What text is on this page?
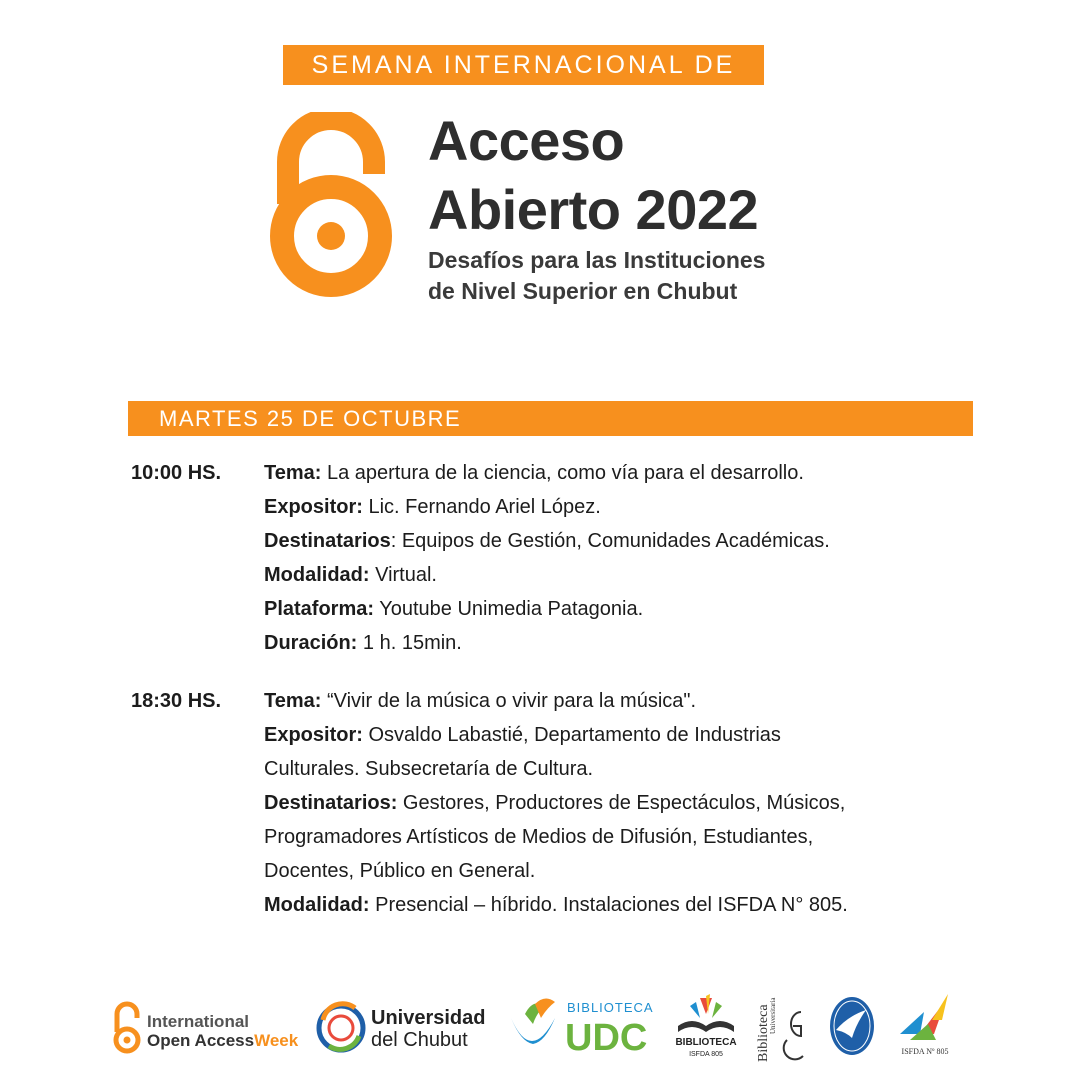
SEMANA INTERNACIONAL DE
Acceso
Abierto 2022
Desafíos para las Instituciones
de Nivel Superior en Chubut
MARTES 25 DE OCTUBRE
10:00 HS. Tema: La apertura de la ciencia, como vía para el desarrollo.
Expositor: Lic. Fernando Ariel López.
Destinatarios: Equipos de Gestión, Comunidades Académicas.
Modalidad: Virtual.
Plataforma: Youtube Unimedia Patagonia.
Duración: 1 h. 15min.
18:30 HS. Tema: “Vivir de la música o vivir para la música".
Expositor: Osvaldo Labastié, Departamento de Industrias
Culturales. Subsecretaría de Cultura.
Destinatarios: Gestores, Productores de Espectáculos, Músicos,
Programadores Artísticos de Medios de Difusión, Estudiantes,
Docentes, Público en General.
Modalidad: Presencial – híbrido. Instalaciones del ISFDA N° 805.
International
Open AccessWeek
Universidad
del Chubut
BIBLIOTECA
UDC	BIBLIOTECA
ISFDA 805 Biblioteca
Universitaria
ISFDA Nº 805
